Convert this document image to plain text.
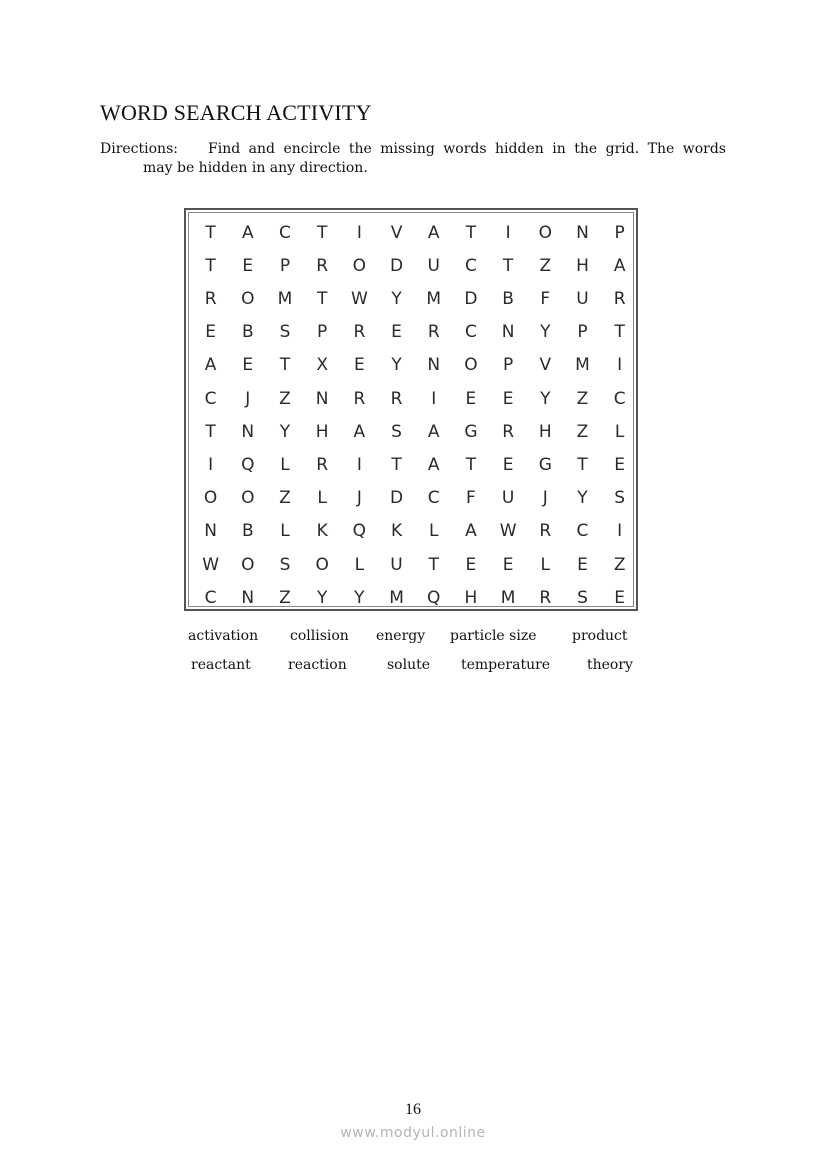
WORD SEARCH ACTIVITY
Directions:	Find and encircle the missing words hidden in the grid. The words
may be hidden in any direction.
T	A	C	T	I	V	A	T	I	O	N	P
T	E	P	R	O	D	U	C	T	Z	H	A
R	O	M	T	W	Y	M	D	B	F	U	R
E	B	S	P	R	E	R	C	N	Y	P	T
A	E	T	X	E	Y	N	O	P	V	M	I
C	J	Z	N	R	R	I	E	E	Y	Z	C
T	N	Y	H	A	S	A	G	R	H	Z	L
I	Q	L	R	I	T	A	T	E	G	T	E
O	O	Z	L	J	D	C	F	U	J	Y	S
N	B	L	K	Q	K	L	A	W	R	C	I
W	O	S	O	L	U	T	E	E	L	E	Z
C	N	Z	Y	Y	M	Q	H	M	R	S	E
activation collision energy particle size	product
reactant	reaction	solute temperature	theory
16
www.modyul.online
